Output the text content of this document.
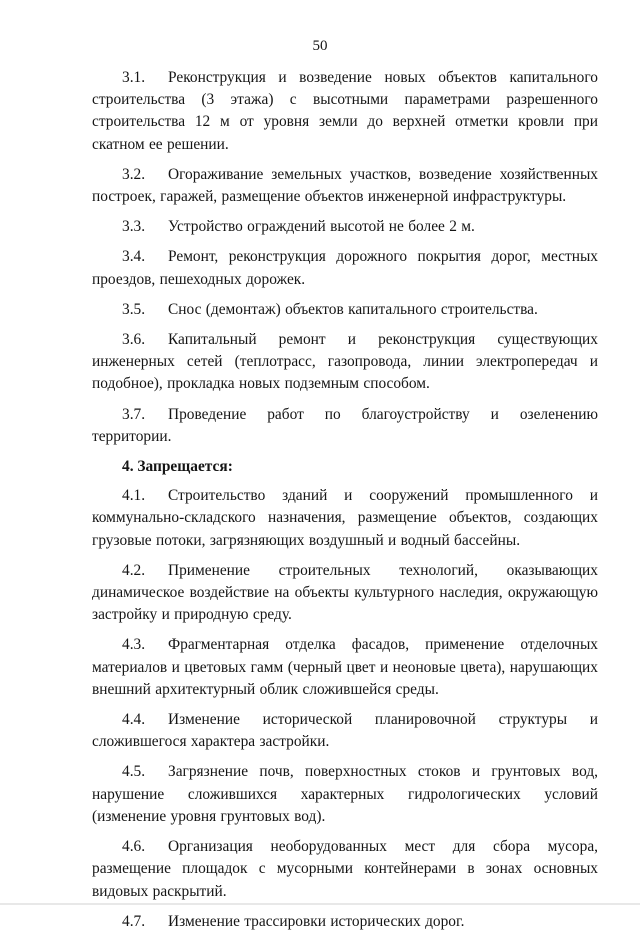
50

3.1. Реконструкция и возведение новых объектов капитального строительства (3 этажа) с высотными параметрами разрешенного строительства 12 м от уровня земли до верхней отметки кровли при скатном ее решении.

3.2. Огораживание земельных участков, возведение хозяйственных построек, гаражей, размещение объектов инженерной инфраструктуры.

3.3. Устройство ограждений высотой не более 2 м.

3.4. Ремонт, реконструкция дорожного покрытия дорог, местных проездов, пешеходных дорожек.

3.5. Снос (демонтаж) объектов капитального строительства.

3.6. Капитальный ремонт и реконструкция существующих инженерных сетей (теплотрасс, газопровода, линии электропередач и подобное), прокладка новых подземным способом.

3.7. Проведение работ по благоустройству и озеленению территории.

4. Запрещается:

4.1. Строительство зданий и сооружений промышленного и коммунально-складского назначения, размещение объектов, создающих грузовые потоки, загрязняющих воздушный и водный бассейны.

4.2. Применение строительных технологий, оказывающих динамическое воздействие на объекты культурного наследия, окружающую застройку и природную среду.

4.3. Фрагментарная отделка фасадов, применение отделочных материалов и цветовых гамм (черный цвет и неоновые цвета), нарушающих внешний архитектурный облик сложившейся среды.

4.4. Изменение исторической планировочной структуры и сложившегося характера застройки.

4.5. Загрязнение почв, поверхностных стоков и грунтовых вод, нарушение сложившихся характерных гидрологических условий (изменение уровня грунтовых вод).

4.6. Организация необорудованных мест для сбора мусора, размещение площадок с мусорными контейнерами в зонах основных видовых раскрытий.

4.7. Изменение трассировки исторических дорог.
